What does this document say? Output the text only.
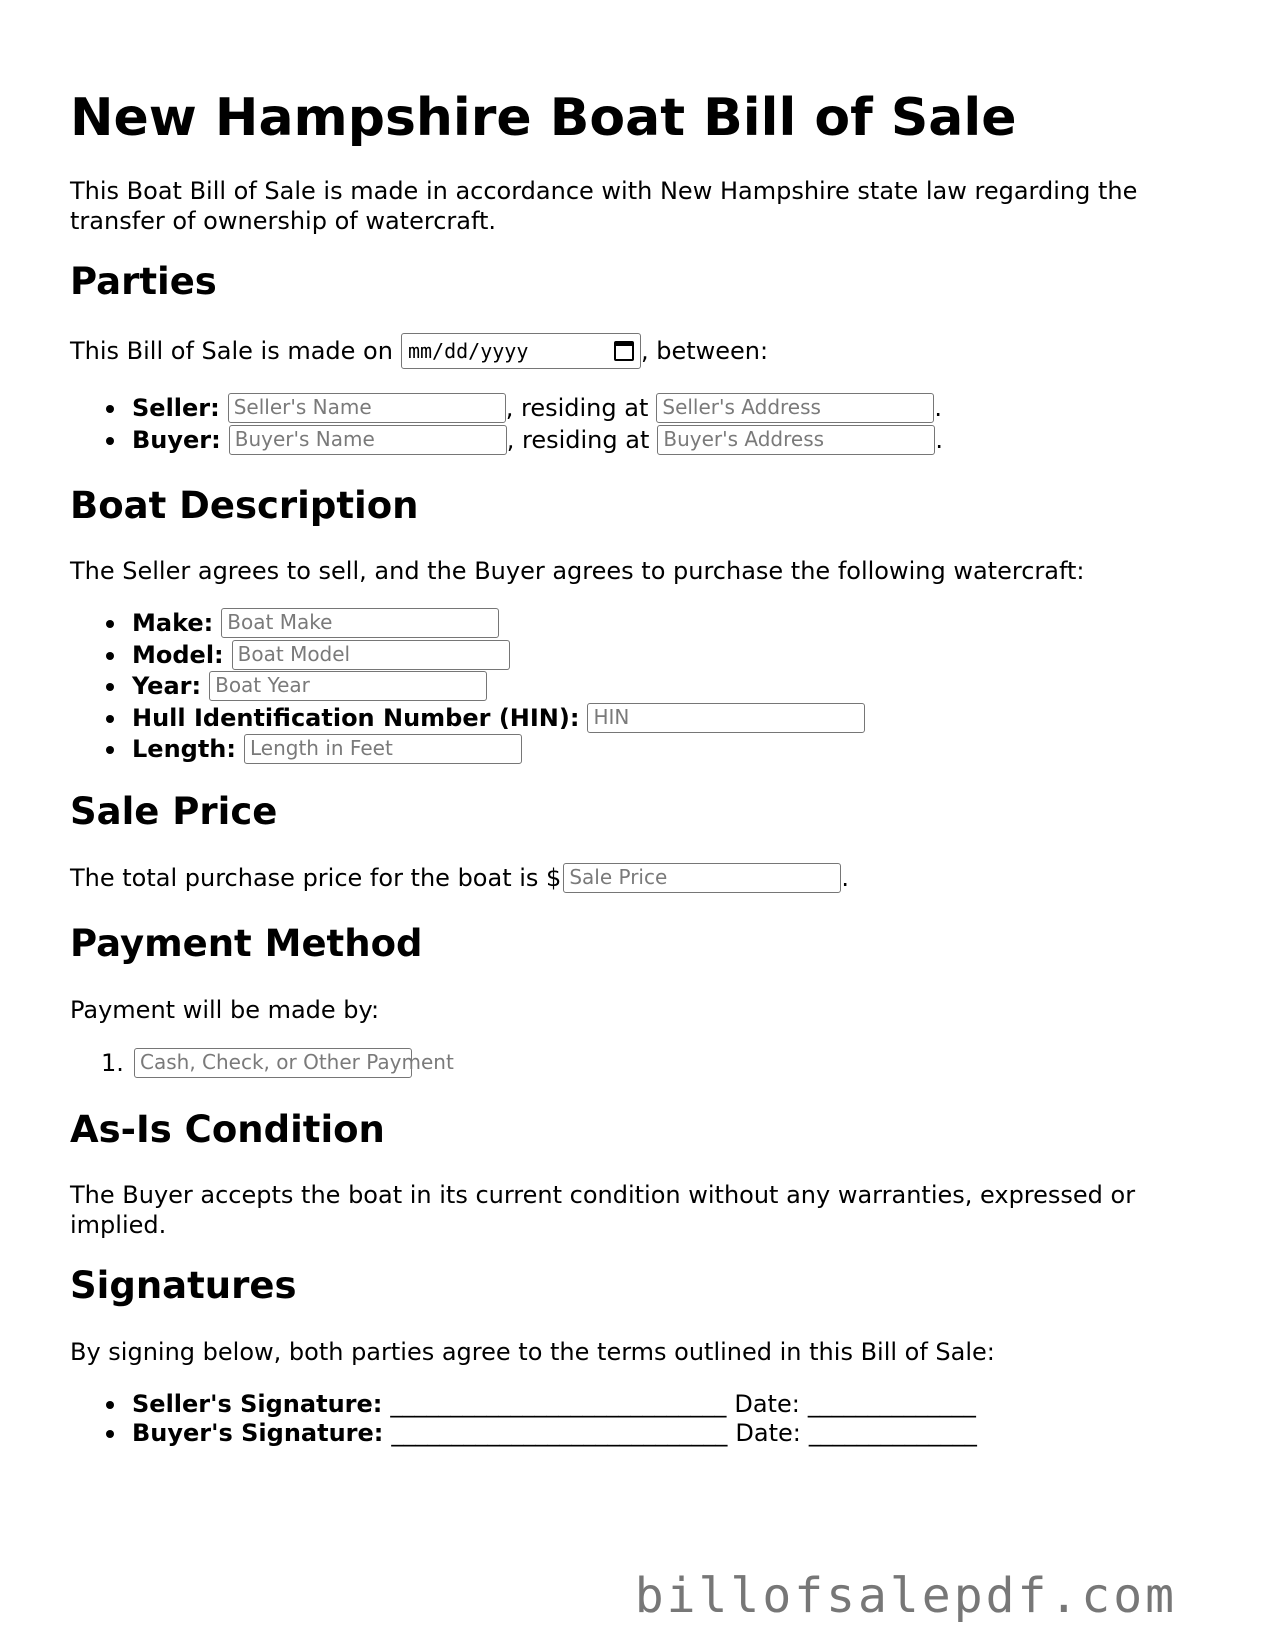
New Hampshire Boat Bill of Sale

This Boat Bill of Sale is made in accordance with New Hampshire state law regarding the transfer of ownership of watercraft.

Parties
This Bill of Sale is made on mm/dd/yyyy	, between:
Seller: Seller's Name	, residing at Seller's Address	.
Buyer: Buyer's Name	, residing at Buyer's Address	.
Boat Description

The Seller agrees to sell, and the Buyer agrees to purchase the following watercraft:

Make: Boat Make
Model: Boat Model
Year: Boat Year
Hull Identification Number (HIN): HIN
Length: Length in Feet
Sale Price
The total purchase price for the boat is $ Sale Price	.
Payment Method

Payment will be made by:

1. Cash, Check, or Other Payment
As-Is Condition

The Buyer accepts the boat in its current condition without any warranties, expressed or implied.

Signatures

By signing below, both parties agree to the terms outlined in this Bill of Sale:

Seller's Signature: ____________________________ Date: ______________
Buyer's Signature: ____________________________ Date: ______________
billofsalepdf.com
